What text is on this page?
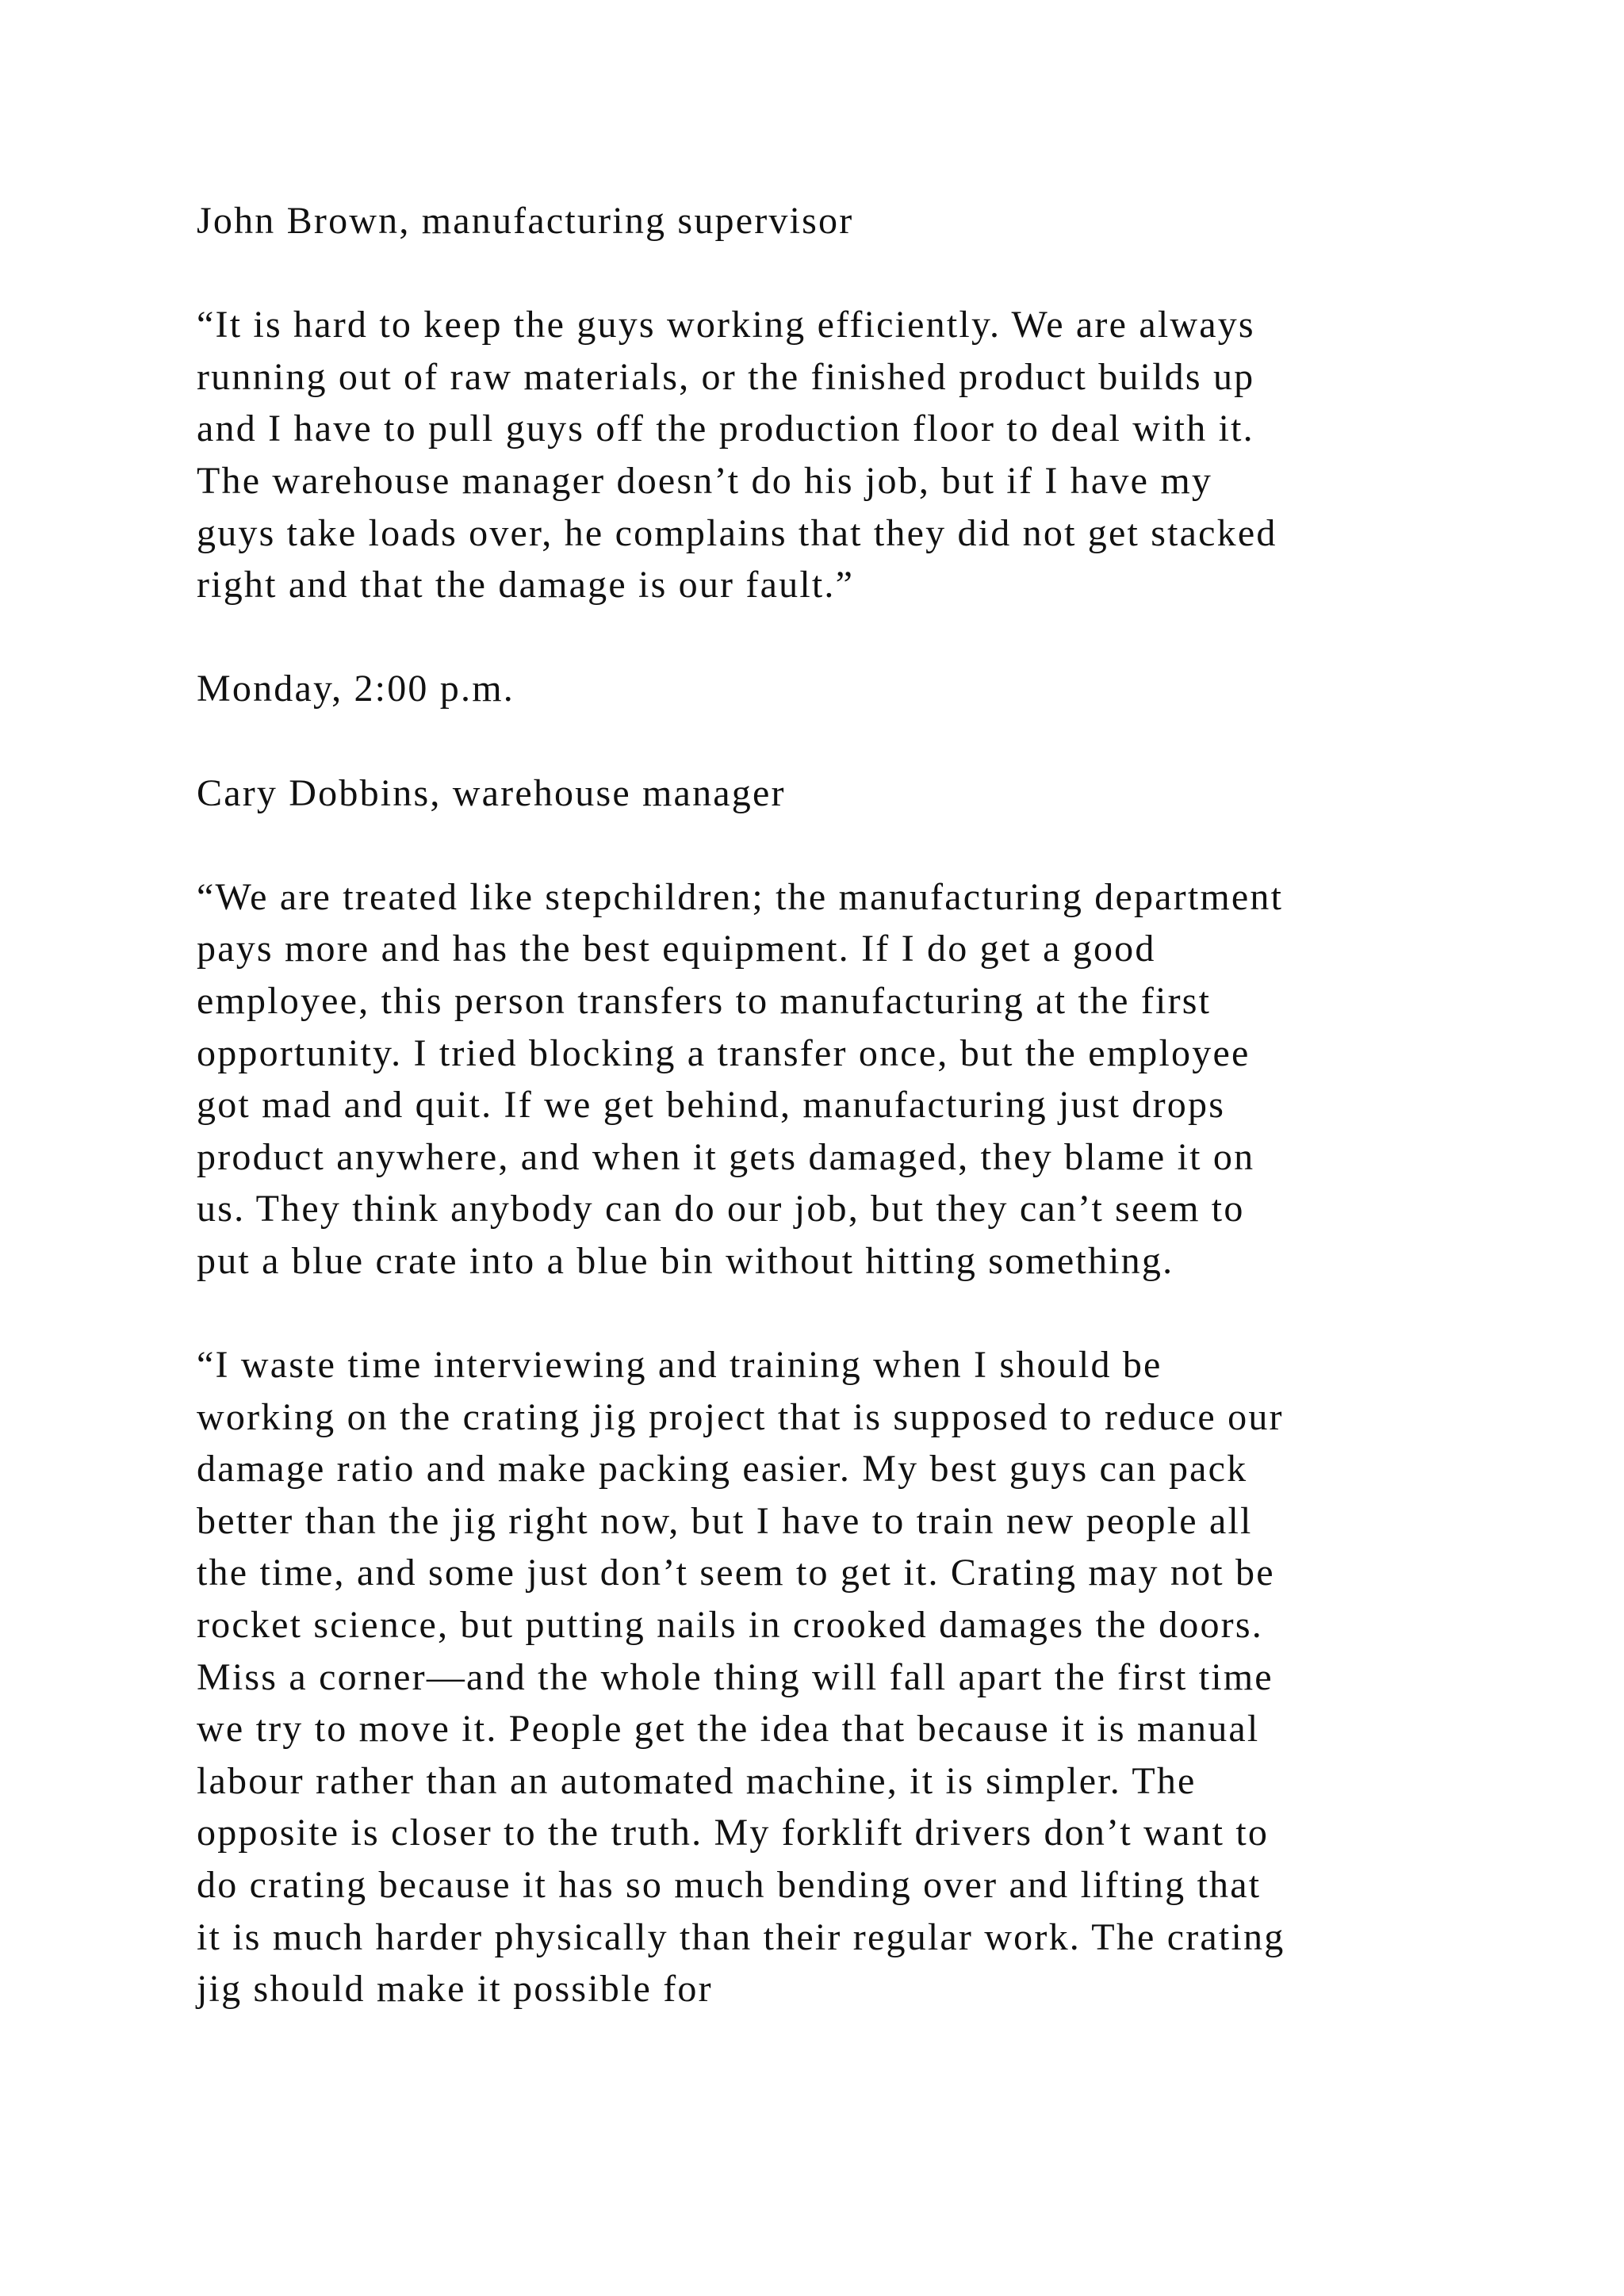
John Brown, manufacturing supervisor
“It is hard to keep the guys working efficiently. We are always
running out of raw materials, or the finished product builds up
and I have to pull guys off the production floor to deal with it.
The warehouse manager doesn’t do his job, but if I have my
guys take loads over, he complains that they did not get stacked
right and that the damage is our fault.”
Monday, 2:00 p.m.
Cary Dobbins, warehouse manager
“We are treated like stepchildren; the manufacturing department
pays more and has the best equipment. If I do get a good
employee, this person transfers to manufacturing at the first
opportunity. I tried blocking a transfer once, but the employee
got mad and quit. If we get behind, manufacturing just drops
product anywhere, and when it gets damaged, they blame it on
us. They think anybody can do our job, but they can’t seem to
put a blue crate into a blue bin without hitting something.
“I waste time interviewing and training when I should be
working on the crating jig project that is supposed to reduce our
damage ratio and make packing easier. My best guys can pack
better than the jig right now, but I have to train new people all
the time, and some just don’t seem to get it. Crating may not be
rocket science, but putting nails in crooked damages the doors.
Miss a corner—and the whole thing will fall apart the first time
we try to move it. People get the idea that because it is manual
labour rather than an automated machine, it is simpler. The
opposite is closer to the truth. My forklift drivers don’t want to
do crating because it has so much bending over and lifting that
it is much harder physically than their regular work. The crating
jig should make it possible for
